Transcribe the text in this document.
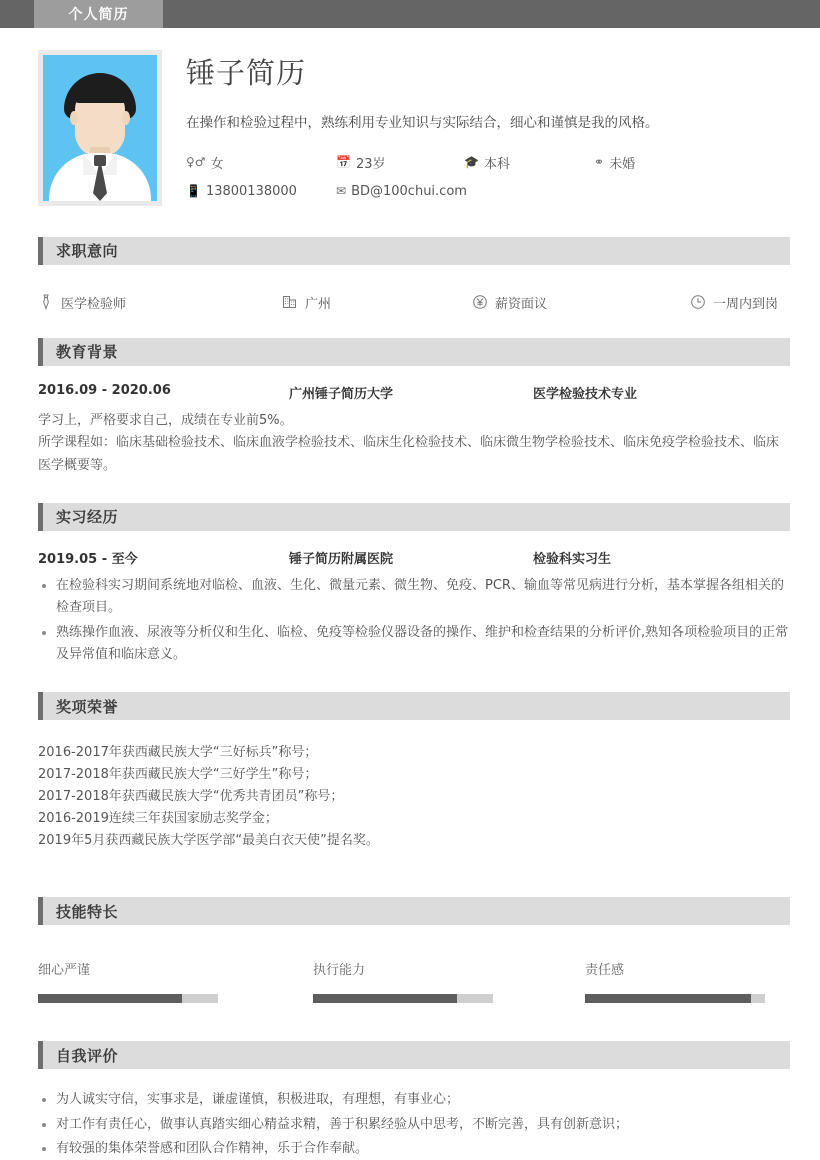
个人简历
锤子简历
在操作和检验过程中，熟练利用专业知识与实际结合，细心和谨慎是我的风格。
♀♂ 女	📅 23岁	🎓 本科	⚭ 未婚
📱 13800138000	✉ BD@100chui.com
求职意向
医学检验师	广州	薪资面议	一周内到岗
教育背景
2016.09 - 2020.06	广州锤子简历大学	医学检验技术专业

学习上，严格要求自己，成绩在专业前5%。

所学课程如：临床基础检验技术、临床血液学检验技术、临床生化检验技术、临床微生物学检验技术、临床免疫学检验技术、临床医学概要等。

实习经历
2019.05 - 至今	锤子简历附属医院	检验科实习生
在检验科实习期间系统地对临检、血液、生化、微量元素、微生物、免疫、PCR、输血等常见病进行分析，基本掌握各组相关的检查项目。
熟练操作血液、尿液等分析仪和生化、临检、免疫等检验仪器设备的操作、维护和检查结果的分析评价,熟知各项检验项目的正常及异常值和临床意义。
奖项荣誉
2016-2017年获西藏民族大学“三好标兵”称号；
2017-2018年获西藏民族大学“三好学生”称号；
2017-2018年获西藏民族大学“优秀共青团员”称号；
2016-2019连续三年获国家励志奖学金；
2019年5月获西藏民族大学医学部“最美白衣天使”提名奖。
技能特长
细心严谨	执行能力	责任感
自我评价
为人诚实守信，实事求是，谦虚谨慎，积极进取，有理想，有事业心；
对工作有责任心，做事认真踏实细心精益求精，善于积累经验从中思考，不断完善，具有创新意识；
有较强的集体荣誉感和团队合作精神，乐于合作奉献。
